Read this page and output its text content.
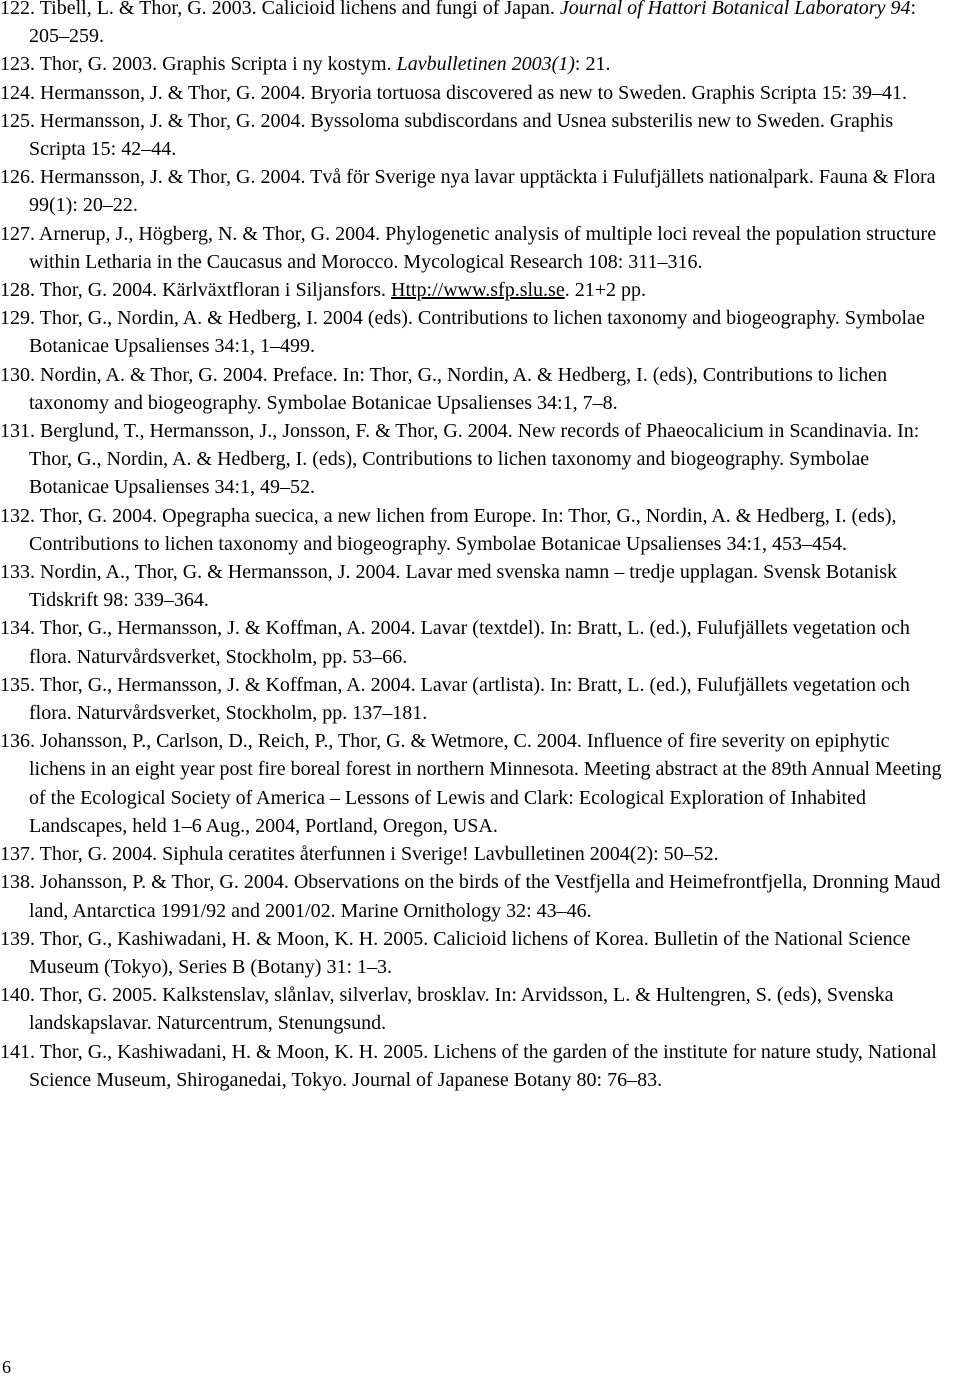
122. Tibell, L. & Thor, G. 2003. Calicioid lichens and fungi of Japan. Journal of Hattori Botanical Laboratory 94: 205–259.

123. Thor, G. 2003. Graphis Scripta i ny kostym. Lavbulletinen 2003(1): 21.

124. Hermansson, J. & Thor, G. 2004. Bryoria tortuosa discovered as new to Sweden. Graphis Scripta 15: 39–41.

125. Hermansson, J. & Thor, G. 2004. Byssoloma subdiscordans and Usnea substerilis new to Sweden. Graphis Scripta 15: 42–44.

126. Hermansson, J. & Thor, G. 2004. Två för Sverige nya lavar upptäckta i Fulufjällets nationalpark. Fauna & Flora 99(1): 20–22.

127. Arnerup, J., Högberg, N. & Thor, G. 2004. Phylogenetic analysis of multiple loci reveal the population structure within Letharia in the Caucasus and Morocco. Mycological Research 108: 311–316.

128. Thor, G. 2004. Kärlväxtfloran i Siljansfors. Http://www.sfp.slu.se. 21+2 pp.

129. Thor, G., Nordin, A. & Hedberg, I. 2004 (eds). Contributions to lichen taxonomy and biogeography. Symbolae Botanicae Upsalienses 34:1, 1–499.

130. Nordin, A. & Thor, G. 2004. Preface. In: Thor, G., Nordin, A. & Hedberg, I. (eds), Contributions to lichen taxonomy and biogeography. Symbolae Botanicae Upsalienses 34:1, 7–8.

131. Berglund, T., Hermansson, J., Jonsson, F. & Thor, G. 2004. New records of Phaeocalicium in Scandinavia. In: Thor, G., Nordin, A. & Hedberg, I. (eds), Contributions to lichen taxonomy and biogeography. Symbolae Botanicae Upsalienses 34:1, 49–52.

132. Thor, G. 2004. Opegrapha suecica, a new lichen from Europe. In: Thor, G., Nordin, A. & Hedberg, I. (eds), Contributions to lichen taxonomy and biogeography. Symbolae Botanicae Upsalienses 34:1, 453–454.

133. Nordin, A., Thor, G. & Hermansson, J. 2004. Lavar med svenska namn – tredje upplagan. Svensk Botanisk Tidskrift 98: 339–364.

134. Thor, G., Hermansson, J. & Koffman, A. 2004. Lavar (textdel). In: Bratt, L. (ed.), Fulufjällets vegetation och flora. Naturvårdsverket, Stockholm, pp. 53–66.

135. Thor, G., Hermansson, J. & Koffman, A. 2004. Lavar (artlista). In: Bratt, L. (ed.), Fulufjällets vegetation och flora. Naturvårdsverket, Stockholm, pp. 137–181.

136. Johansson, P., Carlson, D., Reich, P., Thor, G. & Wetmore, C. 2004. Influence of fire severity on epiphytic lichens in an eight year post fire boreal forest in northern Minnesota. Meeting abstract at the 89th Annual Meeting of the Ecological Society of America – Lessons of Lewis and Clark: Ecological Exploration of Inhabited Landscapes, held 1–6 Aug., 2004, Portland, Oregon, USA.

137. Thor, G. 2004. Siphula ceratites återfunnen i Sverige! Lavbulletinen 2004(2): 50–52.

138. Johansson, P. & Thor, G. 2004. Observations on the birds of the Vestfjella and Heimefrontfjella, Dronning Maud land, Antarctica 1991/92 and 2001/02. Marine Ornithology 32: 43–46.

139. Thor, G., Kashiwadani, H. & Moon, K. H. 2005. Calicioid lichens of Korea. Bulletin of the National Science Museum (Tokyo), Series B (Botany) 31: 1–3.

140. Thor, G. 2005. Kalkstenslav, slånlav, silverlav, brosklav. In: Arvidsson, L. & Hultengren, S. (eds), Svenska landskapslavar. Naturcentrum, Stenungsund.

141. Thor, G., Kashiwadani, H. & Moon, K. H. 2005. Lichens of the garden of the institute for nature study, National Science Museum, Shiroganedai, Tokyo. Journal of Japanese Botany 80: 76–83.

6
